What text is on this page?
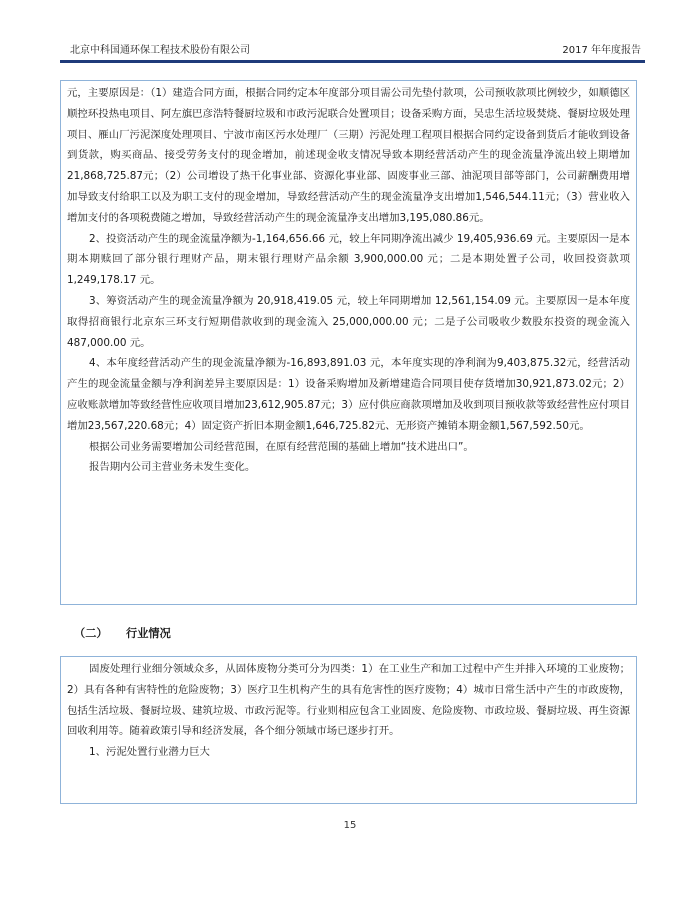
北京中科国通环保工程技术股份有限公司	2017 年年度报告

元，主要原因是：（1）建造合同方面，根据合同约定本年度部分项目需公司先垫付款项，公司预收款项比例较少，如顺德区顺控环投热电项目、阿左旗巴彦浩特餐厨垃圾和市政污泥联合处置项目；设备采购方面，吴忠生活垃圾焚烧、餐厨垃圾处理项目、雁山厂污泥深度处理项目、宁波市南区污水处理厂（三期）污泥处理工程项目根据合同约定设备到货后才能收到设备到货款，购买商品、接受劳务支付的现金增加，前述现金收支情况导致本期经营活动产生的现金流量净流出较上期增加21,868,725.87元；（2）公司增设了热干化事业部、资源化事业部、固废事业三部、油泥项目部等部门，公司薪酬费用增加导致支付给职工以及为职工支付的现金增加，导致经营活动产生的现金流量净支出增加1,546,544.11元；（3）营业收入增加支付的各项税费随之增加，导致经营活动产生的现金流量净支出增加3,195,080.86元。

2、投资活动产生的现金流量净额为-1,164,656.66 元，较上年同期净流出减少 19,405,936.69 元。主要原因一是本期本期赎回了部分银行理财产品，期末银行理财产品余额 3,900,000.00 元；二是本期处置子公司，收回投资款项 1,249,178.17 元。

3、筹资活动产生的现金流量净额为 20,918,419.05 元，较上年同期增加 12,561,154.09 元。主要原因一是本年度取得招商银行北京东三环支行短期借款收到的现金流入 25,000,000.00 元；二是子公司吸收少数股东投资的现金流入 487,000.00 元。

4、本年度经营活动产生的现金流量净额为-16,893,891.03 元，本年度实现的净利润为9,403,875.32元，经营活动产生的现金流量金额与净利润差异主要原因是：1）设备采购增加及新增建造合同项目使存货增加30,921,873.02元；2）应收账款增加等致经营性应收项目增加23,612,905.87元；3）应付供应商款项增加及收到项目预收款等致经营性应付项目增加23,567,220.68元；4）固定资产折旧本期金额1,646,725.82元、无形资产摊销本期金额1,567,592.50元。

根据公司业务需要增加公司经营范围，在原有经营范围的基础上增加“技术进出口”。

报告期内公司主营业务未发生变化。

（二） 行业情况

固废处理行业细分领域众多，从固体废物分类可分为四类：1）在工业生产和加工过程中产生并排入环境的工业废物；2）具有各种有害特性的危险废物；3）医疗卫生机构产生的具有危害性的医疗废物；4）城市日常生活中产生的市政废物，包括生活垃圾、餐厨垃圾、建筑垃圾、市政污泥等。行业则相应包含工业固废、危险废物、市政垃圾、餐厨垃圾、再生资源回收利用等。随着政策引导和经济发展，各个细分领域市场已逐步打开。

1、污泥处置行业潜力巨大

15
